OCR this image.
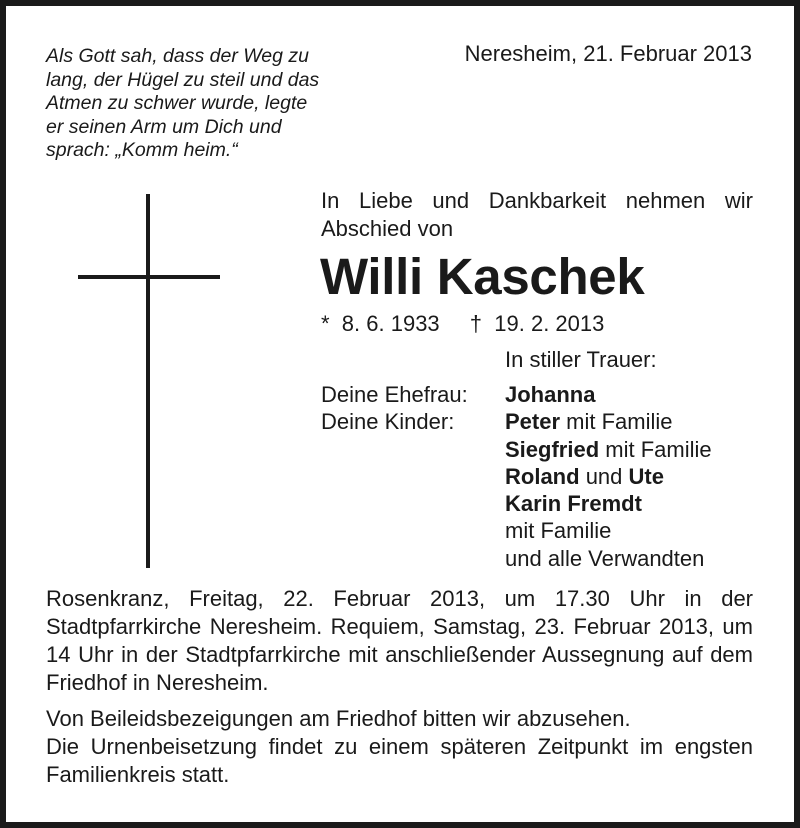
Als Gott sah, dass der Weg zu
lang, der Hügel zu steil und das
Atmen zu schwer wurde, legte
er seinen Arm um Dich und
sprach: „Komm heim.“

Neresheim, 21. Februar 2013

In Liebe und Dankbarkeit nehmen wir Abschied von

Willi Kaschek

* 8. 6. 1933 † 19. 2. 2013

In stiller Trauer:

Deine Ehefrau:

Deine Kinder:

Johanna
Peter mit Familie
Siegfried mit Familie
Roland und Ute
Karin Fremdt
mit Familie
und alle Verwandten

Rosenkranz, Freitag, 22. Februar 2013, um 17.30 Uhr in der Stadtpfarrkirche Neresheim. Requiem, Samstag, 23. Februar 2013, um 14 Uhr in der Stadtpfarrkirche mit anschließender Aussegnung auf dem Friedhof in Neresheim.

Von Beileidsbezeigungen am Friedhof bitten wir abzusehen.
Die Urnenbeisetzung findet zu einem späteren Zeitpunkt im engsten Familienkreis statt.
